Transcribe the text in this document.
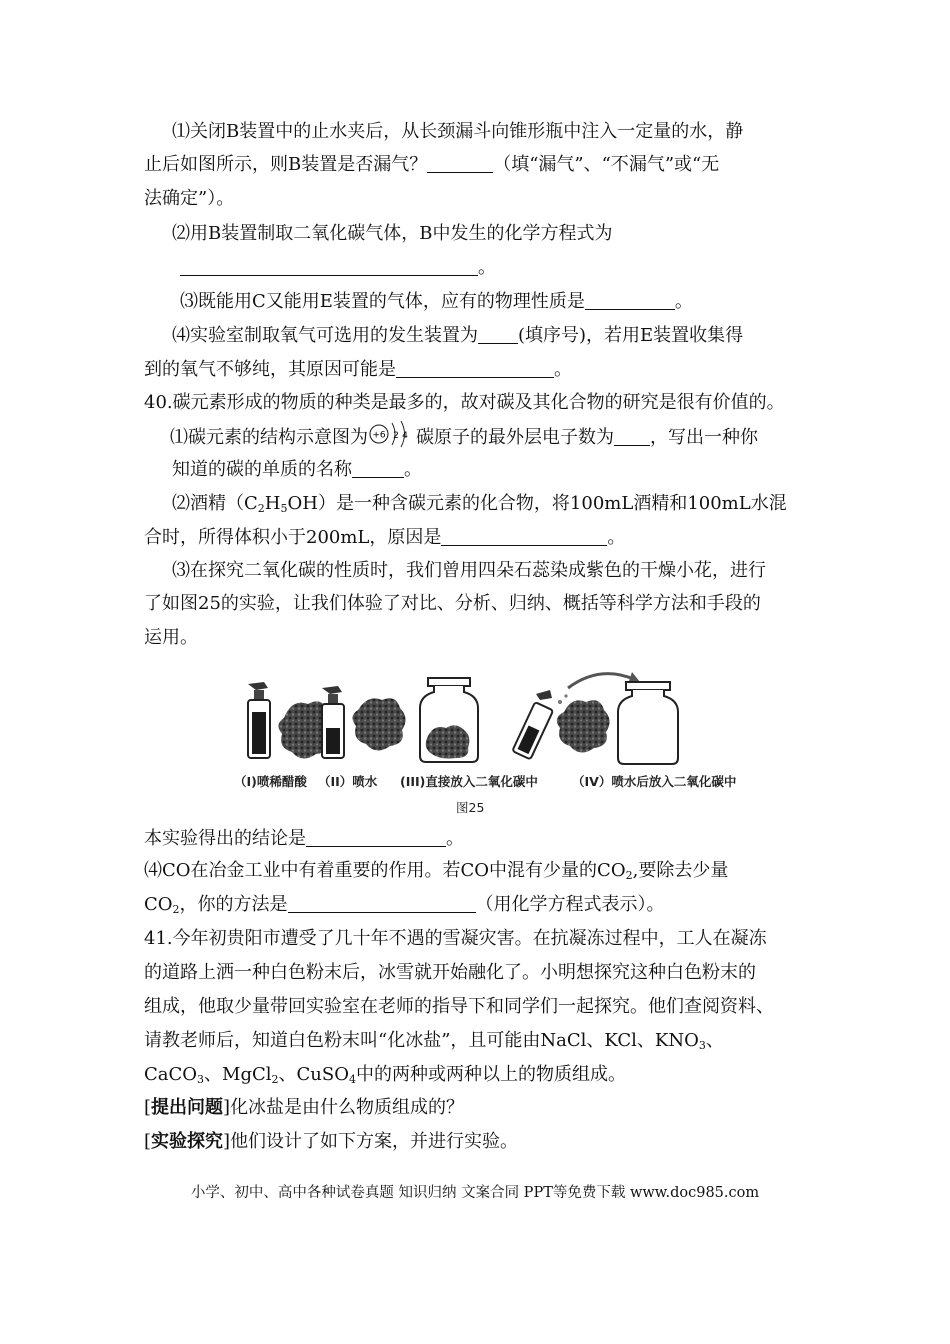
⑴关闭B装置中的止水夹后，从长颈漏斗向锥形瓶中注入一定量的水，静
止后如图所示，则B装置是否漏气？	（填“漏气”、“不漏气”或“无
法确定”）。
⑵用B装置制取二氧化碳气体，B中发生的化学方程式为
。
⑶既能用C又能用E装置的气体，应有的物理性质是	。
⑷实验室制取氧气可选用的发生装置为 (填序号)，若用E装置收集得
到的氧气不够纯，其原因可能是	。
40.碳元素形成的物质的种类是最多的，故对碳及其化合物的研究是很有价值的。
⑴碳元素的结构示意图为 +6 2 4 碳原子的最外层电子数为 ，写出一种你
知道的碳的单质的名称	。
⑵酒精$(C_2H_5OH)$是一种含碳元素的化合物，将100mL酒精和100mL水混
合时，所得体积小于200mL，原因是	。
⑶在探究二氧化碳的性质时，我们曾用四朵石蕊染成紫色的干燥小花，进行
了如图25的实验，让我们体验了对比、分析、归纳、概括等科学方法和手段的
运用。
（I)喷稀醋酸 （II）喷水 (III)直接放入二氧化碳中	（IV）喷水后放入二氧化碳中
图25
本实验得出的结论是	。
⑷CO在冶金工业中有着重要的作用。若CO中混有少量的$CO_2$,要除去少量
$CO_2$，你的方法是	（用化学方程式表示）。
41.今年初贵阳市遭受了几十年不遇的雪凝灾害。在抗凝冻过程中，工人在凝冻
的道路上洒一种白色粉末后，冰雪就开始融化了。小明想探究这种白色粉末的
组成，他取少量带回实验室在老师的指导下和同学们一起探究。他们查阅资料、
请教老师后，知道白色粉末叫“化冰盐”，且可能由NaCl、KCl、$KNO_3$、
CaCO$_3$、MgCl$_2$、CuSO$_4$中的两种或两种以上的物质组成。
[提出问题]化冰盐是由什么物质组成的？
[实验探究]他们设计了如下方案，并进行实验。
小学、初中、高中各种试卷真题 知识归纳 文案合同 PPT等免费下载 www.doc985.com
